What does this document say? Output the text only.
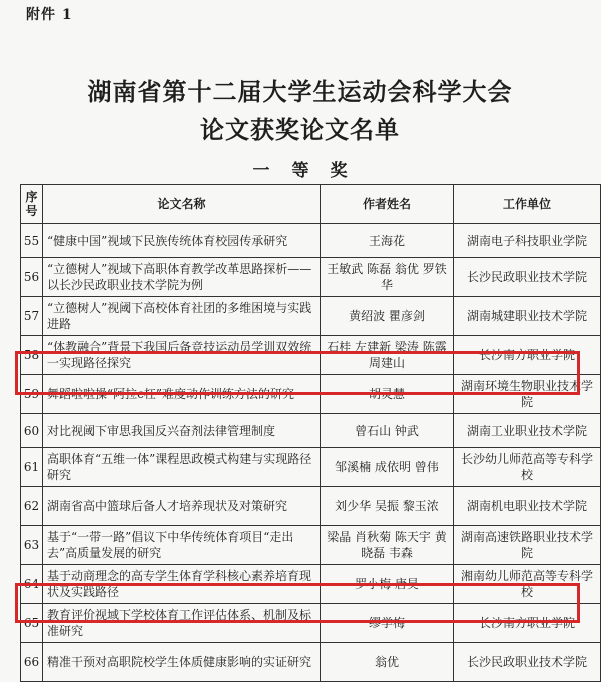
附件 1
湖南省第十二届大学生运动会科学大会
论文获奖论文名单
一等奖
序号	论文名称	作者姓名	工作单位
55	“健康中国”视域下民族传统体育校园传承研究	王海花	湖南电子科技职业学院
56	“立德树人”视域下高职体育教学改革思路探析——以长沙民政职业技术学院为例	王敏武 陈磊 翁优 罗铁华	长沙民政职业技术学院
57	“立德树人”视阈下高校体育社团的多维困境与实践进路	黄绍波 瞿彦剑	湖南城建职业技术学院
58	“体教融合”背景下我国后备竞技运动员学训双效统一实现路径探究	石桂 左建新 梁涛 陈露 周建山	长沙南方职业学院
59	舞蹈啦啦操“阿拉c杠”难度动作训练方法的研究	胡灵慧	湖南环境生物职业技术学院
60	对比视阈下审思我国反兴奋剂法律管理制度	曾石山 钟武	湖南工业职业技术学院
61	高职体育“五维一体”课程思政模式构建与实现路径研究	邹溪楠 成依明 曾伟	长沙幼儿师范高等专科学校
62	湖南省高中篮球后备人才培养现状及对策研究	刘少华 吴振 黎玉浓	湖南机电职业技术学院
63	基于“一带一路”倡议下中华传统体育项目“走出去”高质量发展的研究	梁晶 肖秋菊 陈天宇 黄晓磊 韦森	湖南高速铁路职业技术学院
64	基于动商理念的高专学生体育学科核心素养培育现状及实践路径	罗小梅 唐昊	湘南幼儿师范高等专科学校
65	教育评价视域下学校体育工作评估体系、机制及标准研究	缪学梅	长沙南方职业学院
66	精准干预对高职院校学生体质健康影响的实证研究	翁优	长沙民政职业技术学院
